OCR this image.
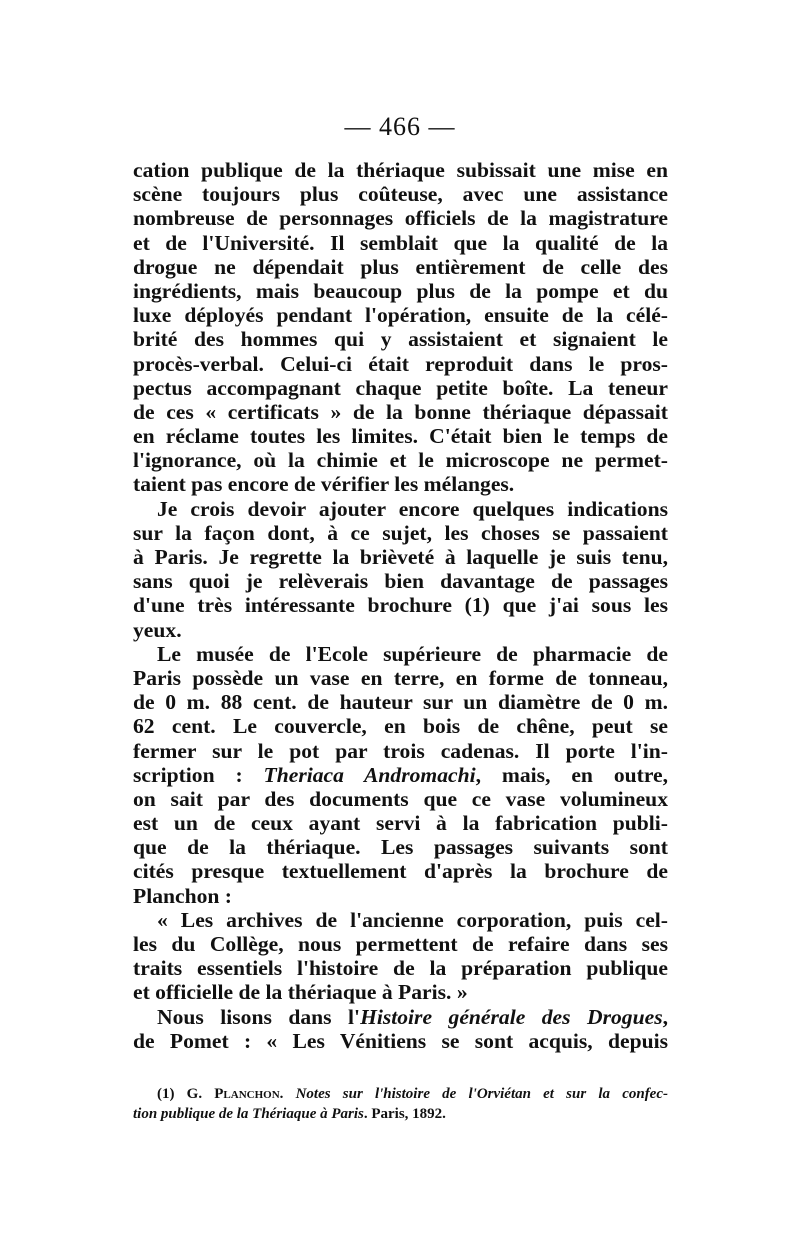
— 466 —
cation publique de la thériaque subissait une mise en
scène toujours plus coûteuse, avec une assistance
nombreuse de personnages officiels de la magistrature
et de l'Université. Il semblait que la qualité de la
drogue ne dépendait plus entièrement de celle des
ingrédients, mais beaucoup plus de la pompe et du
luxe déployés pendant l'opération, ensuite de la célé-
brité des hommes qui y assistaient et signaient le
procès-verbal. Celui-ci était reproduit dans le pros-
pectus accompagnant chaque petite boîte. La teneur
de ces « certificats » de la bonne thériaque dépassait
en réclame toutes les limites. C'était bien le temps de
l'ignorance, où la chimie et le microscope ne permet-
taient pas encore de vérifier les mélanges.
Je crois devoir ajouter encore quelques indications
sur la façon dont, à ce sujet, les choses se passaient
à Paris. Je regrette la brièveté à laquelle je suis tenu,
sans quoi je relèverais bien davantage de passages
d'une très intéressante brochure (1) que j'ai sous les
yeux.
Le musée de l'Ecole supérieure de pharmacie de
Paris possède un vase en terre, en forme de tonneau,
de 0 m. 88 cent. de hauteur sur un diamètre de 0 m.
62 cent. Le couvercle, en bois de chêne, peut se
fermer sur le pot par trois cadenas. Il porte l'in-
scription : Theriaca Andromachi, mais, en outre,
on sait par des documents que ce vase volumineux
est un de ceux ayant servi à la fabrication publi-
que de la thériaque. Les passages suivants sont
cités presque textuellement d'après la brochure de
Planchon :
« Les archives de l'ancienne corporation, puis cel-
les du Collège, nous permettent de refaire dans ses
traits essentiels l'histoire de la préparation publique
et officielle de la thériaque à Paris. »
Nous lisons dans l'Histoire générale des Drogues,
de Pomet : « Les Vénitiens se sont acquis, depuis
(1) G. Planchon. Notes sur l'histoire de l'Orviétan et sur la confec-
tion publique de la Thériaque à Paris. Paris, 1892.
